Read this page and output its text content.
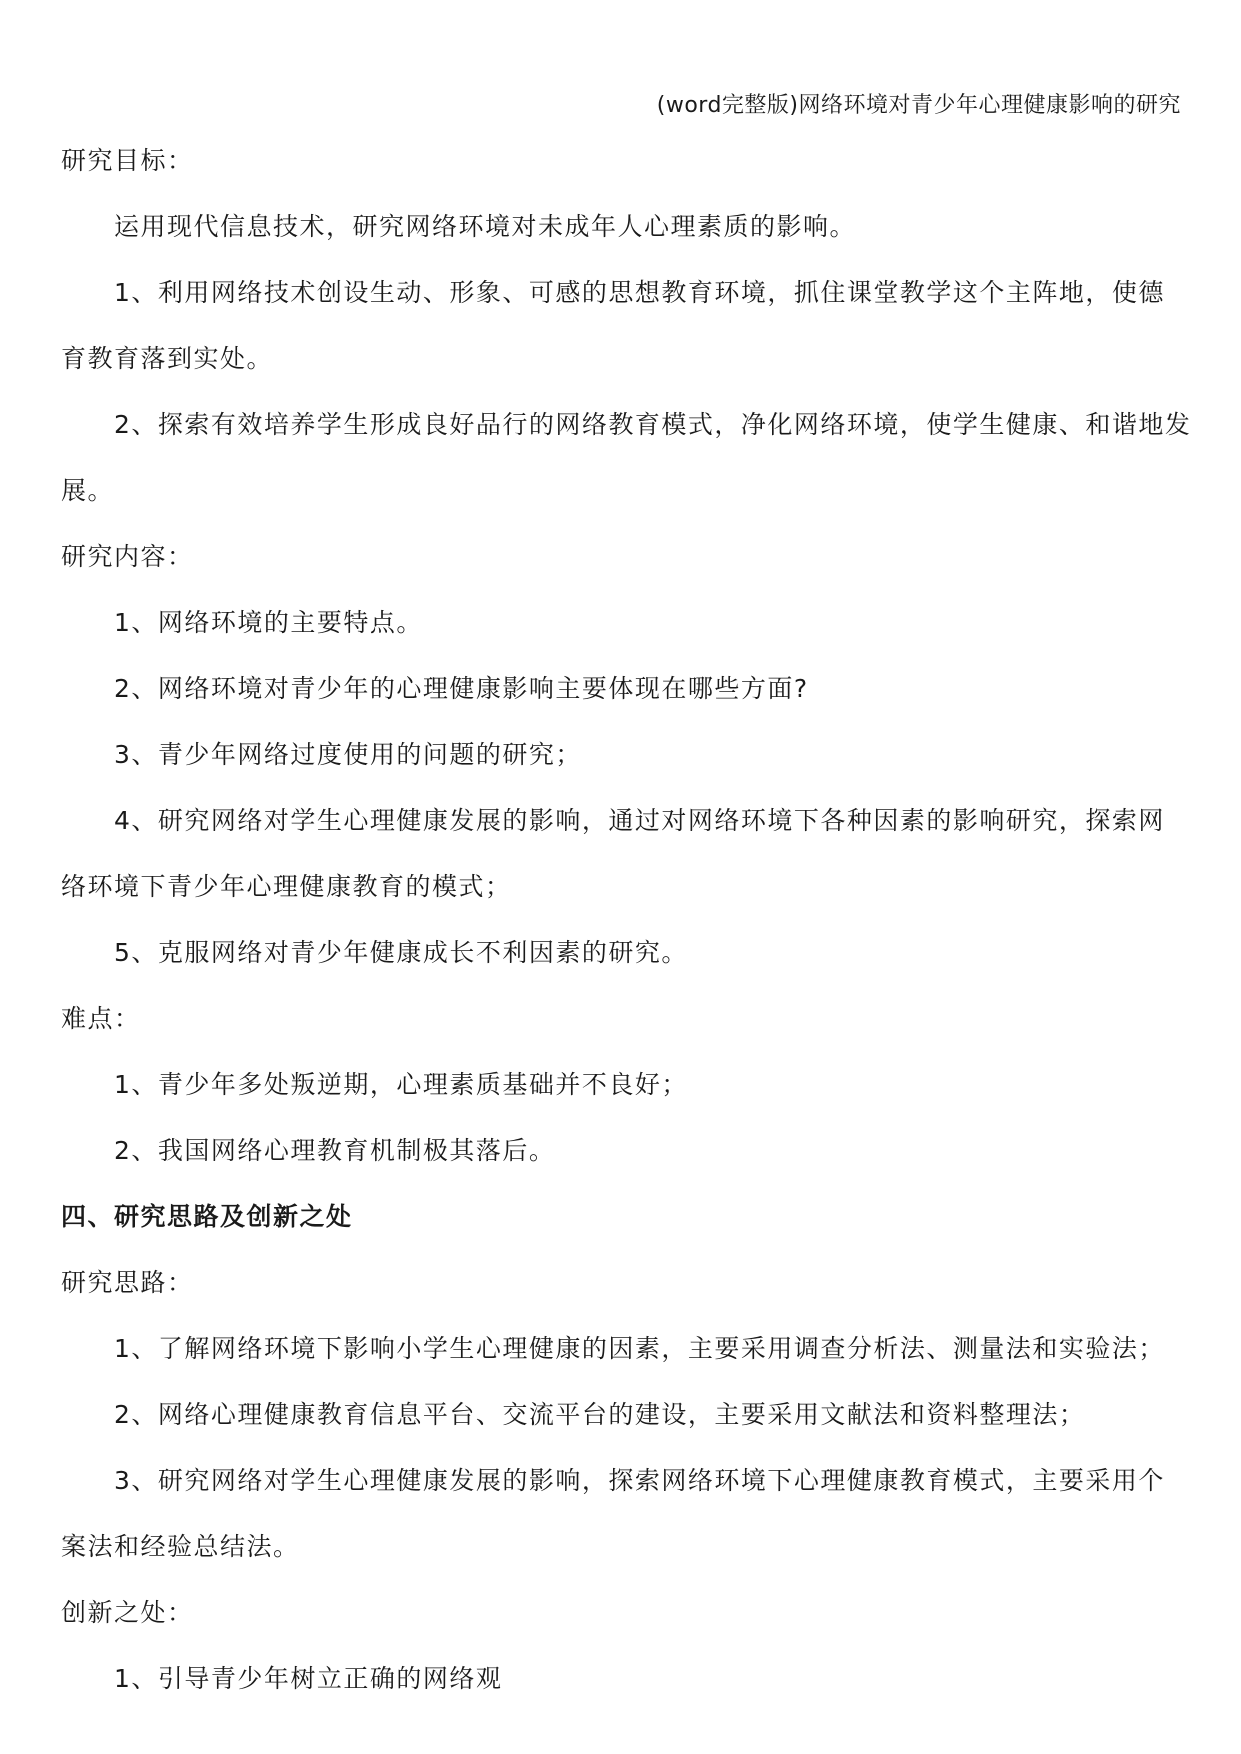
(word完整版)网络环境对青少年心理健康影响的研究
研究目标：
运用现代信息技术，研究网络环境对未成年人心理素质的影响。
1、利用网络技术创设生动、形象、可感的思想教育环境，抓住课堂教学这个主阵地，使德
育教育落到实处。
2、探索有效培养学生形成良好品行的网络教育模式，净化网络环境，使学生健康、和谐地发
展。
研究内容：
1、网络环境的主要特点。
2、网络环境对青少年的心理健康影响主要体现在哪些方面?
3、青少年网络过度使用的问题的研究；
4、研究网络对学生心理健康发展的影响，通过对网络环境下各种因素的影响研究，探索网
络环境下青少年心理健康教育的模式；
5、克服网络对青少年健康成长不利因素的研究。
难点：
1、青少年多处叛逆期，心理素质基础并不良好；
2、我国网络心理教育机制极其落后。
四、研究思路及创新之处
研究思路：
1、了解网络环境下影响小学生心理健康的因素，主要采用调查分析法、测量法和实验法；
2、网络心理健康教育信息平台、交流平台的建设，主要采用文献法和资料整理法；
3、研究网络对学生心理健康发展的影响，探索网络环境下心理健康教育模式，主要采用个
案法和经验总结法。
创新之处：
1、引导青少年树立正确的网络观
